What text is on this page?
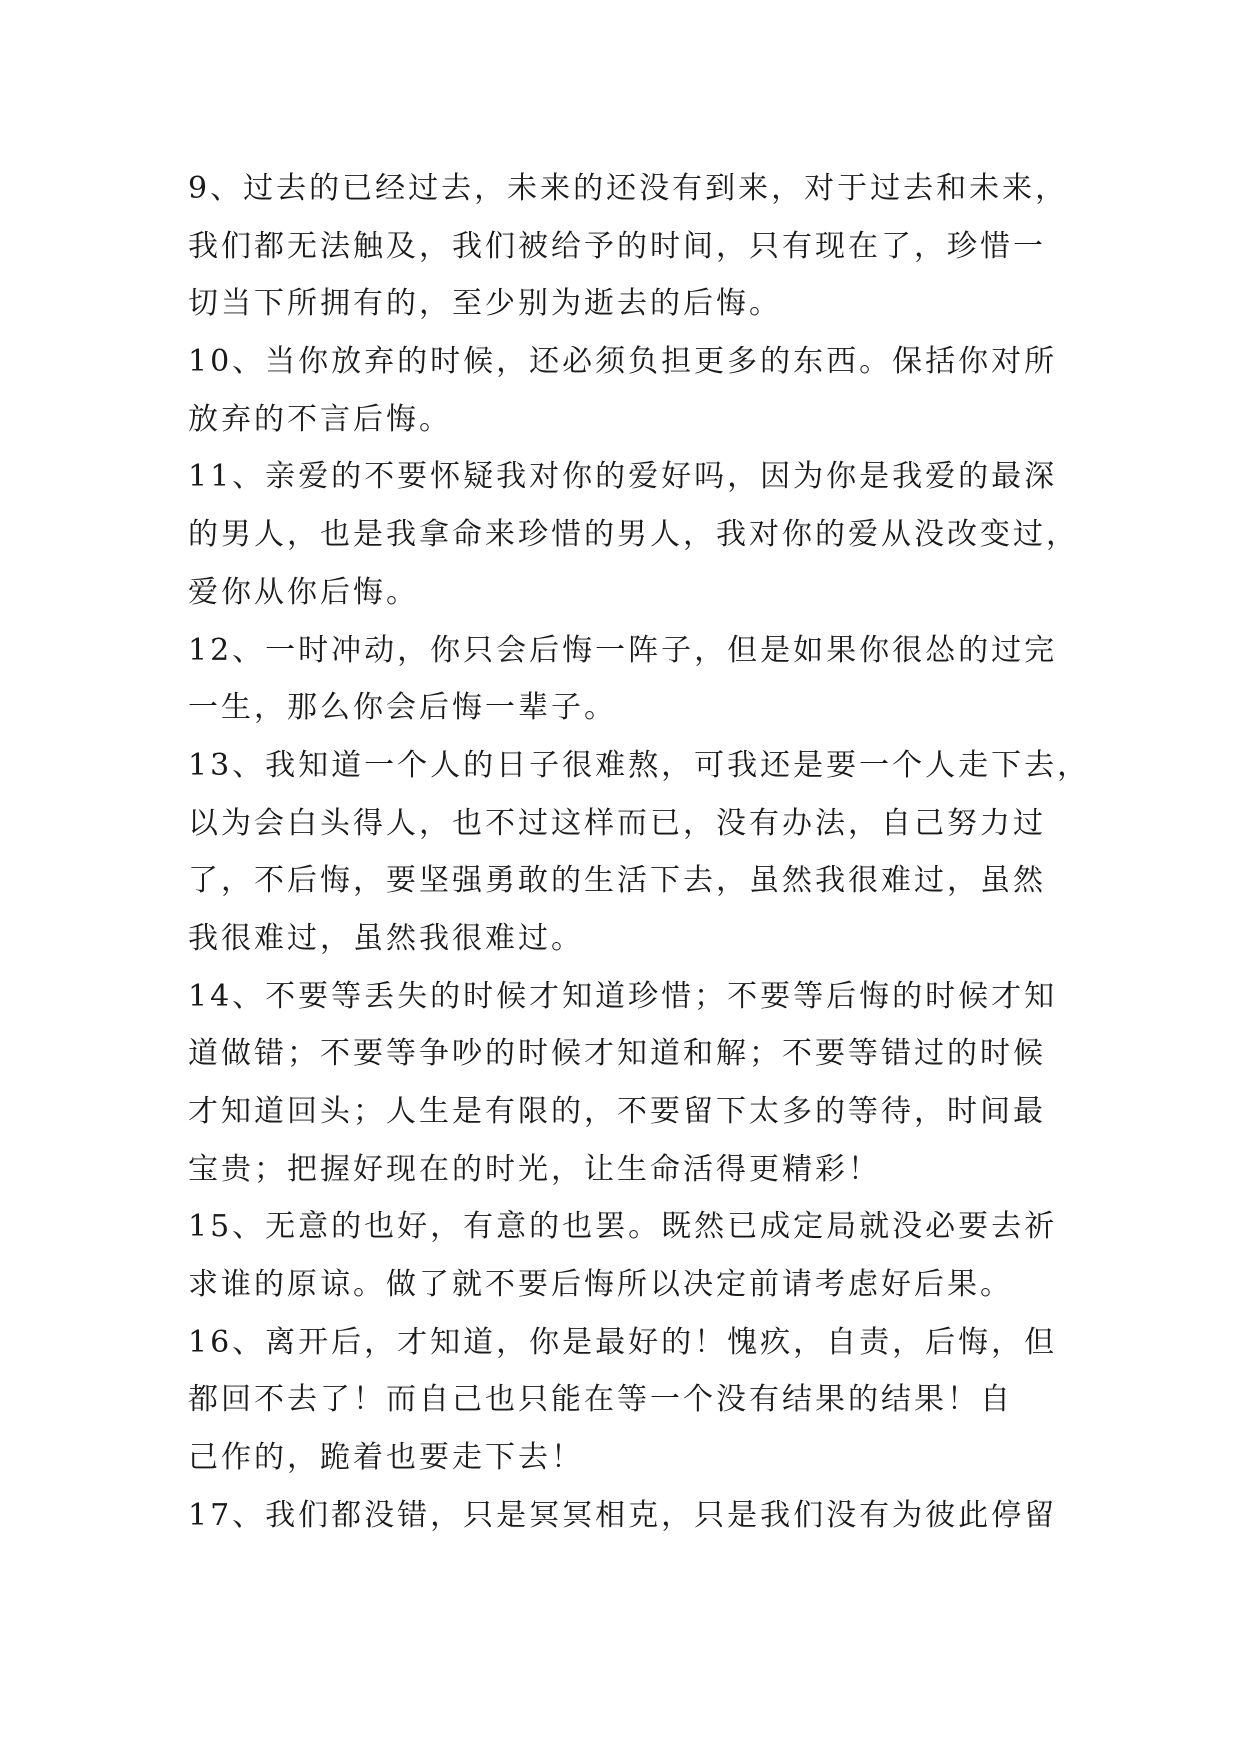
9、过去的已经过去，未来的还没有到来，对于过去和未来，
我们都无法触及，我们被给予的时间，只有现在了，珍惜一
切当下所拥有的，至少别为逝去的后悔。
10、当你放弃的时候，还必须负担更多的东西。保括你对所
放弃的不言后悔。
11、亲爱的不要怀疑我对你的爱好吗，因为你是我爱的最深
的男人，也是我拿命来珍惜的男人，我对你的爱从没改变过，
爱你从你后悔。
12、一时冲动，你只会后悔一阵子，但是如果你很怂的过完
一生，那么你会后悔一辈子。
13、我知道一个人的日子很难熬，可我还是要一个人走下去，
以为会白头得人，也不过这样而已，没有办法，自己努力过
了，不后悔，要坚强勇敢的生活下去，虽然我很难过，虽然
我很难过，虽然我很难过。
14、不要等丢失的时候才知道珍惜；不要等后悔的时候才知
道做错；不要等争吵的时候才知道和解；不要等错过的时候
才知道回头；人生是有限的，不要留下太多的等待，时间最
宝贵；把握好现在的时光，让生命活得更精彩！
15、无意的也好，有意的也罢。既然已成定局就没必要去祈
求谁的原谅。做了就不要后悔所以决定前请考虑好后果。
16、离开后，才知道，你是最好的！愧疚，自责，后悔，但
都回不去了！而自己也只能在等一个没有结果的结果！自
己作的，跪着也要走下去！
17、我们都没错，只是冥冥相克，只是我们没有为彼此停留
